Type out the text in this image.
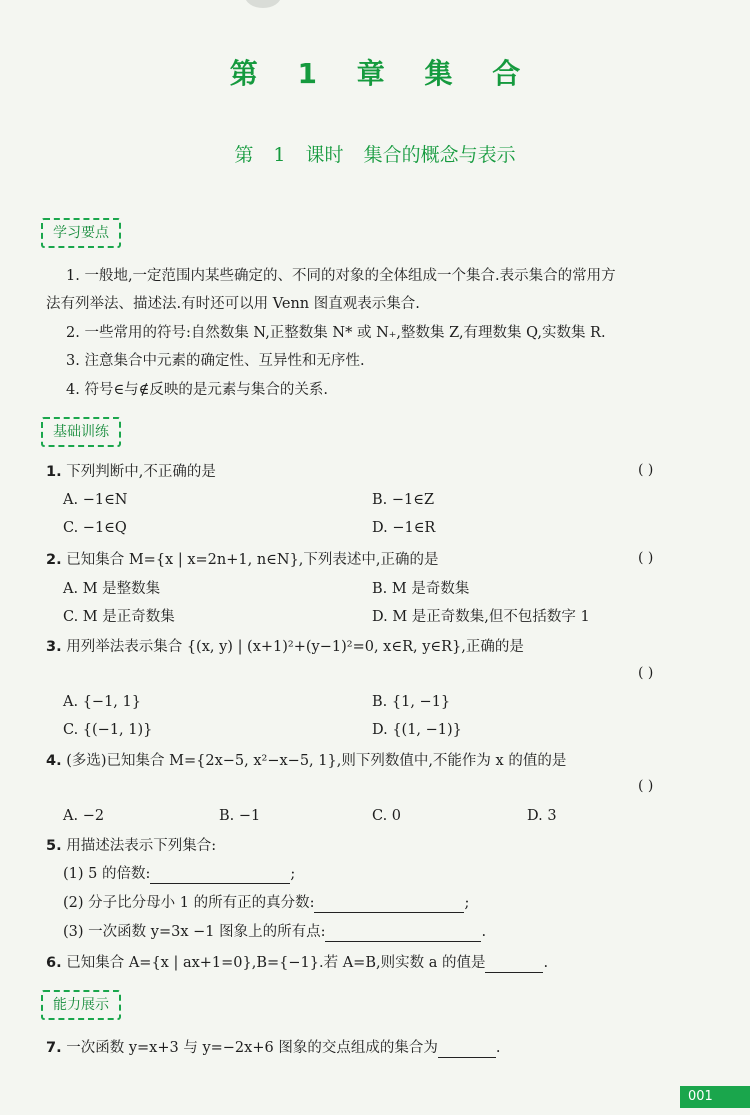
第 1 章 集 合
第 1 课时 集合的概念与表示
学习要点
1. 一般地,一定范围内某些确定的、不同的对象的全体组成一个集合.表示集合的常用方
法有列举法、描述法.有时还可以用 Venn 图直观表示集合.
2. 一些常用的符号:自然数集 N,正整数集 N* 或 N₊,整数集 Z,有理数集 Q,实数集 R.
3. 注意集合中元素的确定性、互异性和无序性.
4. 符号∈与∉反映的是元素与集合的关系.
基础训练
1. 下列判断中,不正确的是	( )
A. −1∈N	B. −1∈Z
C. −1∈Q	D. −1∈R
2. 已知集合 M={x | x=2n+1, n∈N},下列表述中,正确的是	( )
A. M 是整数集	B. M 是奇数集
C. M 是正奇数集	D. M 是正奇数集,但不包括数字 1
3. 用列举法表示集合 {(x, y) | (x+1)²+(y−1)²=0, x∈R, y∈R},正确的是
( )
A. {−1, 1}	B. {1, −1}
C. {(−1, 1)}	D. {(1, −1)}
4. (多选)已知集合 M={2x−5, x²−x−5, 1},则下列数值中,不能作为 x 的值的是
( )
A. −2	B. −1	C. 0	D. 3
5. 用描述法表示下列集合:
(1) 5 的倍数:	;
(2) 分子比分母小 1 的所有正的真分数:	;
(3) 一次函数 y=3x −1 图象上的所有点:	.
6. 已知集合 A={x | ax+1=0},B={−1}.若 A=B,则实数 a 的值是	.
能力展示
7. 一次函数 y=x+3 与 y=−2x+6 图象的交点组成的集合为	.
001
